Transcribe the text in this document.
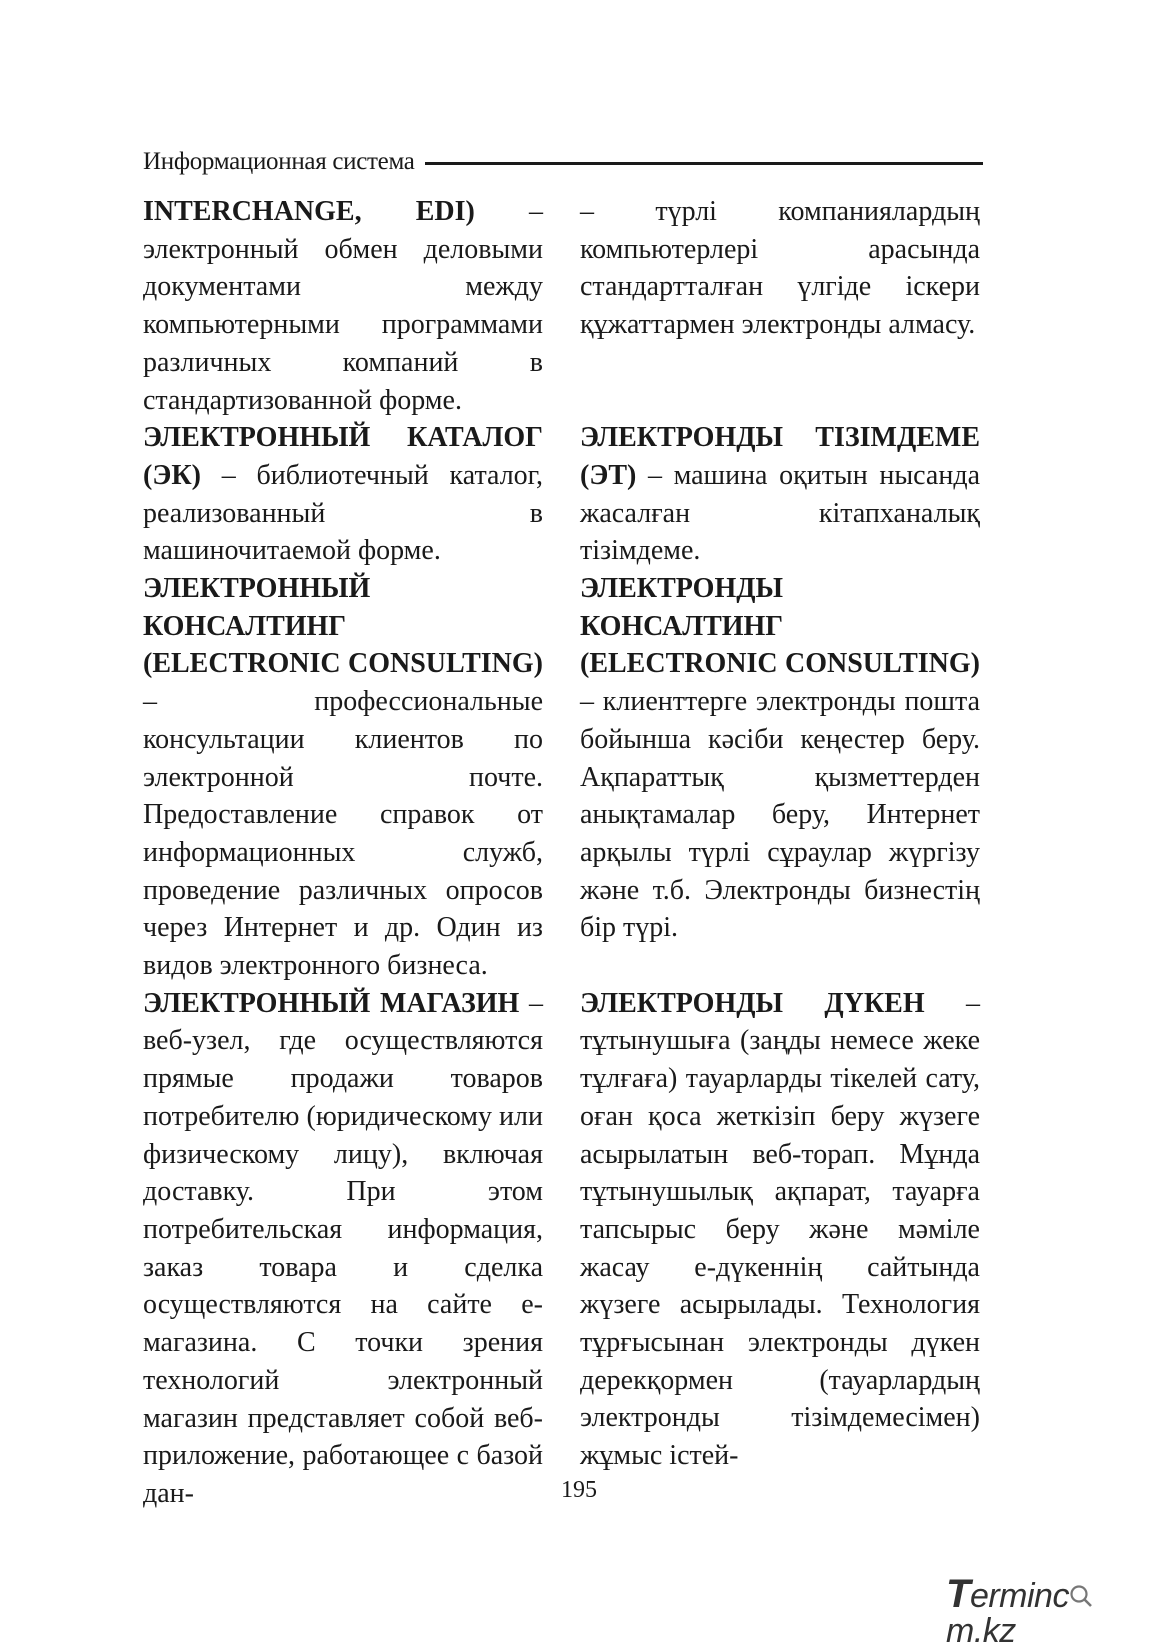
Информационная система

INTERCHANGE, EDI) – электронный обмен деловыми документами между компьютерными программами различных компаний в стандартизованной форме.

ЭЛЕКТРОННЫЙ КАТАЛОГ (ЭК) – библиотечный каталог, реализованный в машиночитаемой форме.

ЭЛЕКТРОННЫЙ КОНСАЛТИНГ (ELECTRONIC CONSULTING) – профессиональные консультации клиентов по электронной почте. Предоставление справок от информационных служб, проведение различных опросов через Интернет и др. Один из видов электронного бизнеса.

ЭЛЕКТРОННЫЙ МАГАЗИН – веб-узел, где осуществляются прямые продажи товаров потребителю (юридическому или физическому лицу), включая доставку. При этом потребительская информация, заказ товара и сделка осуществляются на сайте е-магазина. С точки зрения технологий электронный магазин представляет собой веб-приложение, работающее с базой дан-

– түрлі компаниялардың компьютерлері арасында стандартталған үлгіде іскери құжаттармен электронды алмасу.

ЭЛЕКТРОНДЫ ТІЗІМДЕМЕ (ЭТ) – машина оқитын нысанда жасалған кітапханалық тізімдеме.

ЭЛЕКТРОНДЫ КОНСАЛТИНГ (ELECTRONIC CONSULTING) – клиенттерге электронды пошта бойынша кәсіби кеңестер беру. Ақпараттық қызметтерден анықтамалар беру, Интернет арқылы түрлі сұраулар жүргізу және т.б. Электронды бизнестің бір түрі.

ЭЛЕКТРОНДЫ ДҮКЕН – тұтынушыға (заңды немесе жеке тұлғаға) тауарларды тікелей сату, оған қоса жеткізіп беру жүзеге асырылатын веб-торап. Мұнда тұтынушылық ақпарат, тауарға тапсырыс беру және мәміле жасау е-дүкеннің сайтында жүзеге асырылады. Технология тұрғысынан электронды дүкен дерекқормен (тауарлардың электронды тізімдемесімен) жұмыс істей-

195
Termincm.kz
